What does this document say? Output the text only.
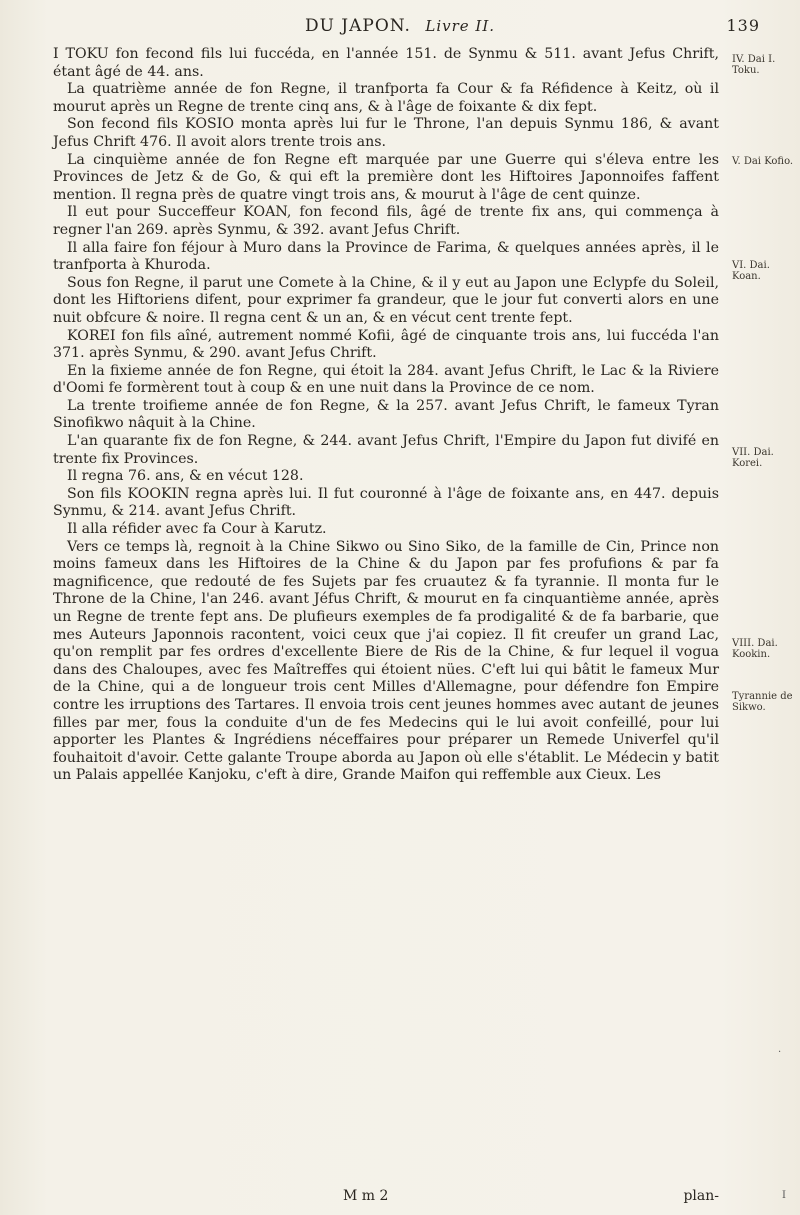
DU JAPON. Livre II.	139

I TOKU fon fecond fils lui fuccéda, en l'année 151. de Synmu & 511. avant Jefus Chrift, étant âgé de 44. ans.

La quatrième année de fon Regne, il tranfporta fa Cour & fa Réfidence à Keitz, où il mourut après un Regne de trente cinq ans, & à l'âge de foixante & dix fept.

Son fecond fils KOSIO monta après lui fur le Throne, l'an depuis Synmu 186, & avant Jefus Chrift 476. Il avoit alors trente trois ans.

La cinquième année de fon Regne eft marquée par une Guerre qui s'éleva entre les Provinces de Jetz & de Go, & qui eft la première dont les Hiftoires Japonnoifes faffent mention. Il regna près de quatre vingt trois ans, & mourut à l'âge de cent quinze.

Il eut pour Succeffeur KOAN, fon fecond fils, âgé de trente fix ans, qui commença à regner l'an 269. après Synmu, & 392. avant Jefus Chrift.

Il alla faire fon féjour à Muro dans la Province de Farima, & quelques années après, il le tranfporta à Khuroda.

Sous fon Regne, il parut une Comete à la Chine, & il y eut au Japon une Eclypfe du Soleil, dont les Hiftoriens difent, pour exprimer fa grandeur, que le jour fut converti alors en une nuit obfcure & noire. Il regna cent & un an, & en vécut cent trente fept.

KOREI fon fils aîné, autrement nommé Kofii, âgé de cinquante trois ans, lui fuccéda l'an 371. après Synmu, & 290. avant Jefus Chrift.

En la fixieme année de fon Regne, qui étoit la 284. avant Jefus Chrift, le Lac & la Riviere d'Oomi fe formèrent tout à coup & en une nuit dans la Province de ce nom.

La trente troifieme année de fon Regne, & la 257. avant Jefus Chrift, le fameux Tyran Sinofikwo nâquit à la Chine.

L'an quarante fix de fon Regne, & 244. avant Jefus Chrift, l'Empire du Japon fut divifé en trente fix Provinces.

Il regna 76. ans, & en vécut 128.

Son fils KOOKIN regna après lui. Il fut couronné à l'âge de foixante ans, en 447. depuis Synmu, & 214. avant Jefus Chrift.

Il alla réfider avec fa Cour à Karutz.

Vers ce temps là, regnoit à la Chine Sikwo ou Sino Siko, de la famille de Cin, Prince non moins fameux dans les Hiftoires de la Chine & du Japon par fes profufions & par fa magnificence, que redouté de fes Sujets par fes cruautez & fa tyrannie. Il monta fur le Throne de la Chine, l'an 246. avant Jéfus Chrift, & mourut en fa cinquantième année, après un Regne de trente fept ans. De plufieurs exemples de fa prodigalité & de fa barbarie, que mes Auteurs Japonnois racontent, voici ceux que j'ai copiez. Il fit creufer un grand Lac, qu'on remplit par fes ordres d'excellente Biere de Ris de la Chine, & fur lequel il vogua dans des Chaloupes, avec fes Maîtreffes qui étoient nües. C'eft lui qui bâtit le fameux Mur de la Chine, qui a de longueur trois cent Milles d'Allemagne, pour défendre fon Empire contre les irruptions des Tartares. Il envoia trois cent jeunes hommes avec autant de jeunes filles par mer, fous la conduite d'un de fes Medecins qui le lui avoit confeillé, pour lui apporter les Plantes & Ingrédiens néceffaires pour préparer un Remede Univerfel qu'il fouhaitoit d'avoir. Cette galante Troupe aborda au Japon où elle s'établit. Le Médecin y batit un Palais appellée Kanjoku, c'eft à dire, Grande Maifon qui reffemble aux Cieux. Les

IV. Dai I. Toku.
V. Dai Kofio.
VI. Dai. Koan.
VII. Dai. Korei.
VIII. Dai. Kookin.
Tyrannie de Sikwo.
M m 2	plan-
.
I
